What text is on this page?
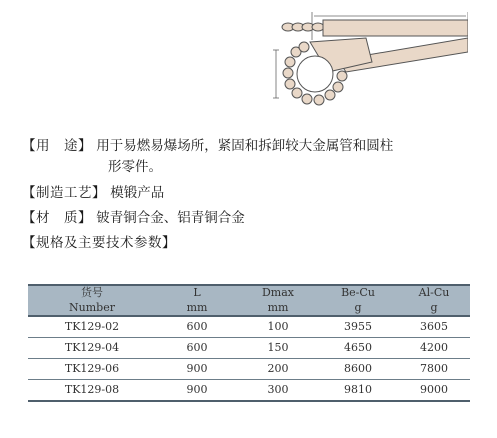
【用　途】 用于易燃易爆场所，紧固和拆卸较大金属管和圆柱
形零件。
【制造工艺】 模锻产品
【材　质】 铍青铜合金、铝青铜合金
【规格及主要技术参数】
货号	L	Dmax	Be-Cu	Al-Cu
Number	mm	mm	g	g
TK129-02	600	100	3955	3605
TK129-04	600	150	4650	4200
TK129-06	900	200	8600	7800
TK129-08	900	300	9810	9000
